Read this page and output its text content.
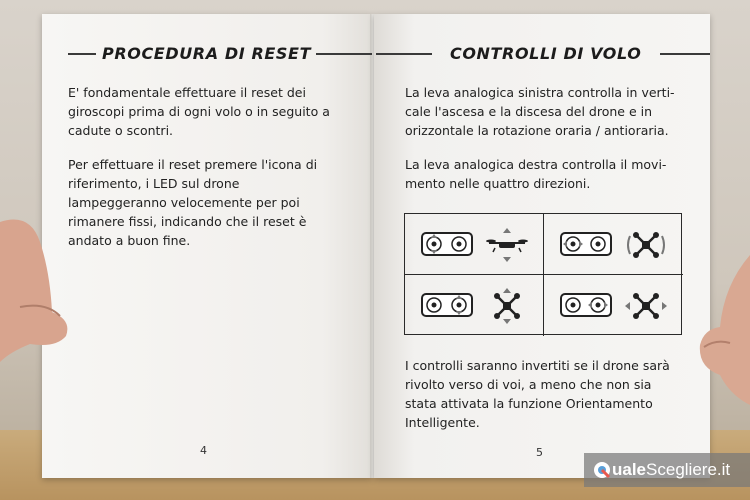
PROCEDURA DI RESET

E' fondamentale effettuare il reset dei
giroscopi prima di ogni volo o in seguito a
cadute o scontri.

Per effettuare il reset premere l'icona di
riferimento, i LED sul drone
lampeggeranno velocemente per poi
rimanere fissi, indicando che il reset è
andato a buon fine.

4
CONTROLLI DI VOLO

La leva analogica sinistra controlla in verti-
cale l'ascesa e la discesa del drone e in
orizzontale la rotazione oraria / antioraria.

La leva analogica destra controlla il movi-
mento nelle quattro direzioni.

I controlli saranno invertiti se il drone sarà
rivolto verso di voi, a meno che non sia
stata attivata la funzione Orientamento
Intelligente.

5
uale Scegliere.it
